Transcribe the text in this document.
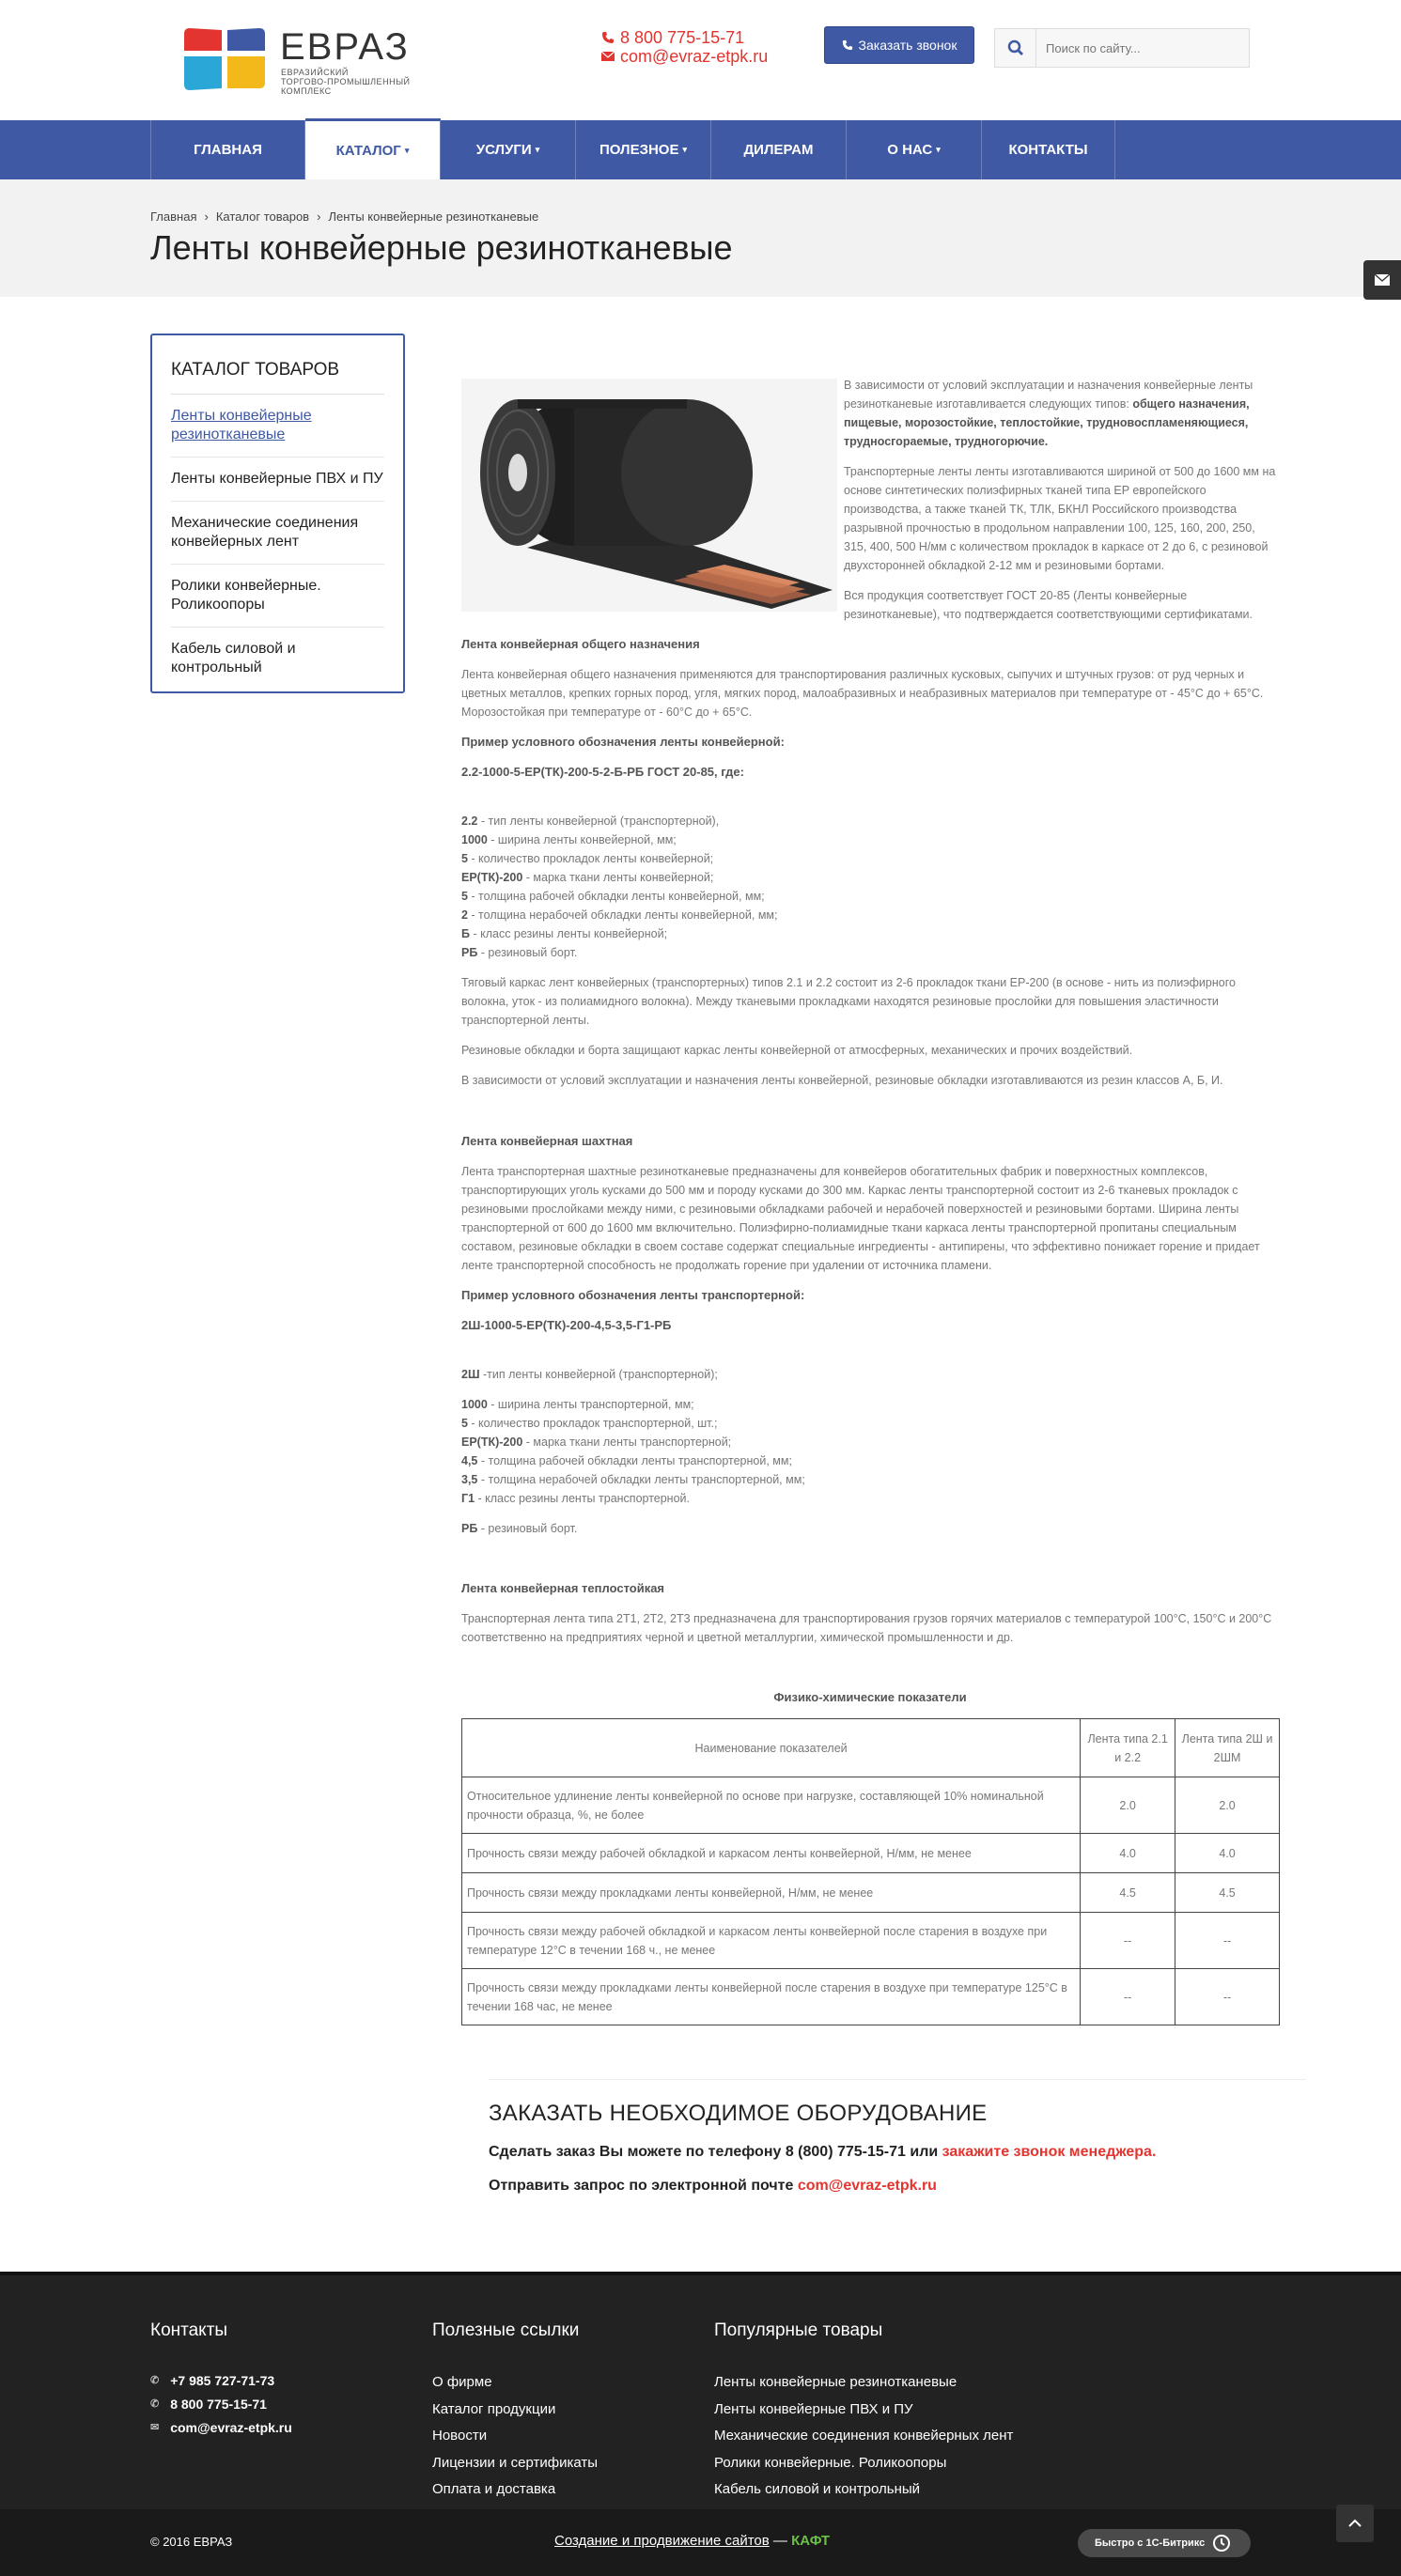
ЕВРАЗ
ЕВРАЗИЙСКИЙ
ТОРГОВО-ПРОМЫШЛЕННЫЙ
КОМПЛЕКС
8 800 775-15-71
com@evraz-etpk.ru
Заказать звонок
Поиск по сайту...
ГЛАВНАЯ	КАТАЛОГ ▾	УСЛУГИ ▾	ПОЛЕЗНОЕ ▾	ДИЛЕРАМ	О НАС ▾	КОНТАКТЫ
Главная › Каталог товаров › Ленты конвейерные резинотканевые
Ленты конвейерные резинотканевые
КАТАЛОГ ТОВАРОВ
Ленты конвейерные резинотканевые
Ленты конвейерные ПВХ и ПУ
Механические соединения конвейерных лент
Ролики конвейерные. Роликоопоры
Кабель силовой и контрольный

В зависимости от условий эксплуатации и назначения конвейерные ленты резинотканевые изготавливается следующих типов: общего назначения, пищевые, морозостойкие, теплостойкие, трудновоспламеняющиеся, трудносгораемые, трудногорючие.

Транспортерные ленты ленты изготавливаются шириной от 500 до 1600 мм на основе синтетических полиэфирных тканей типа EP европейского производства, а также тканей ТК, ТЛК, БКНЛ Российского производства разрывной прочностью в продольном направлении 100, 125, 160, 200, 250, 315, 400, 500 Н/мм с количеством прокладок в каркасе от 2 до 6, с резиновой двухсторонней обкладкой 2-12 мм и резиновыми бортами.

Вся продукция соответствует ГОСТ 20-85 (Ленты конвейерные резинотканевые), что подтверждается соответствующими сертификатами.

Лента конвейерная общего назначения

Лента конвейерная общего назначения применяются для транспортирования различных кусковых, сыпучих и штучных грузов: от руд черных и цветных металлов, крепких горных пород, угля, мягких пород, малоабразивных и неабразивных материалов при температуре от - 45°C до + 65°C. Морозостойкая при температуре от - 60°C до + 65°C.

Пример условного обозначения ленты конвейерной:

2.2-1000-5-ЕР(ТК)-200-5-2-Б-РБ ГОСТ 20-85, где:

2.2 - тип ленты конвейерной (транспортерной),
1000 - ширина ленты конвейерной, мм;
5 - количество прокладок ленты конвейерной;
ЕР(ТК)-200 - марка ткани ленты конвейерной;
5 - толщина рабочей обкладки ленты конвейерной, мм;
2 - толщина нерабочей обкладки ленты конвейерной, мм;
Б - класс резины ленты конвейерной;
РБ - резиновый борт.

Тяговый каркас лент конвейерных (транспортерных) типов 2.1 и 2.2 состоит из 2-6 прокладок ткани ЕР-200 (в основе - нить из полиэфирного волокна, уток - из полиамидного волокна). Между тканевыми прокладками находятся резиновые прослойки для повышения эластичности транспортерной ленты.

Резиновые обкладки и борта защищают каркас ленты конвейерной от атмосферных, механических и прочих воздействий.

В зависимости от условий эксплуатации и назначения ленты конвейерной, резиновые обкладки изготавливаются из резин классов А, Б, И.

Лента конвейерная шахтная

Лента транспортерная шахтные резинотканевые предназначены для конвейеров обогатительных фабрик и поверхностных комплексов, транспортирующих уголь кусками до 500 мм и породу кусками до 300 мм. Каркас ленты транспортерной состоит из 2-6 тканевых прокладок с резиновыми прослойками между ними, с резиновыми обкладками рабочей и нерабочей поверхностей и резиновыми бортами. Ширина ленты транспортерной от 600 до 1600 мм включительно. Полиэфирно-полиамидные ткани каркаса ленты транспортерной пропитаны специальным составом, резиновые обкладки в своем составе содержат специальные ингредиенты - антипирены, что эффективно понижает горение и придает ленте транспортерной способность не продолжать горение при удалении от источника пламени.

Пример условного обозначения ленты транспортерной:

2Ш-1000-5-ЕР(ТК)-200-4,5-3,5-Г1-РБ

2Ш -тип ленты конвейерной (транспортерной);

1000 - ширина ленты транспортерной, мм;
5 - количество прокладок транспортерной, шт.;
ЕР(ТК)-200 - марка ткани ленты транспортерной;
4,5 - толщина рабочей обкладки ленты транспортерной, мм;
3,5 - толщина нерабочей обкладки ленты транспортерной, мм;
Г1 - класс резины ленты транспортерной.

РБ - резиновый борт.

Лента конвейерная теплостойкая

Транспортерная лента типа 2Т1, 2Т2, 2Т3 предназначена для транспортирования грузов горячих материалов с температурой 100°С, 150°С и 200°С соответственно на предприятиях черной и цветной металлургии, химической промышленности и др.

Физико-химические показатели
Наименование показателей	Лента типа 2.1 и 2.2	Лента типа 2Ш и 2ШМ
Относительное удлинение ленты конвейерной по основе при нагрузке, составляющей 10% номинальной прочности образца, %, не более	2.0	2.0
Прочность связи между рабочей обкладкой и каркасом ленты конвейерной, Н/мм, не менее	4.0	4.0
Прочность связи между прокладками ленты конвейерной, Н/мм, не менее	4.5	4.5
Прочность связи между рабочей обкладкой и каркасом ленты конвейерной после старения в воздухе при температуре 12°С в течении 168 ч., не менее	--	--
Прочность связи между прокладками ленты конвейерной после старения в воздухе при температуре 125°С в течении 168 час, не менее	--	--
ЗАКАЗАТЬ НЕОБХОДИМОЕ ОБОРУДОВАНИЕ
Сделать заказ Вы можете по телефону 8 (800) 775-15-71 или закажите звонок менеджера.
Отправить запрос по электронной почте com@evraz-etpk.ru
Контакты
✆ +7 985 727-71-73
✆ 8 800 775-15-71
✉ com@evraz-etpk.ru
Полезные ссылки
О фирме
Каталог продукции
Новости
Лицензии и сертификаты
Оплата и доставка
Популярные товары
Ленты конвейерные резинотканевые
Ленты конвейерные ПВХ и ПУ
Механические соединения конвейерных лент
Ролики конвейерные. Роликоопоры
Кабель силовой и контрольный
© 2016 ЕВРАЗ	Создание и продвижение сайтов — КАФТ	Быстро с 1С-Битрикс
